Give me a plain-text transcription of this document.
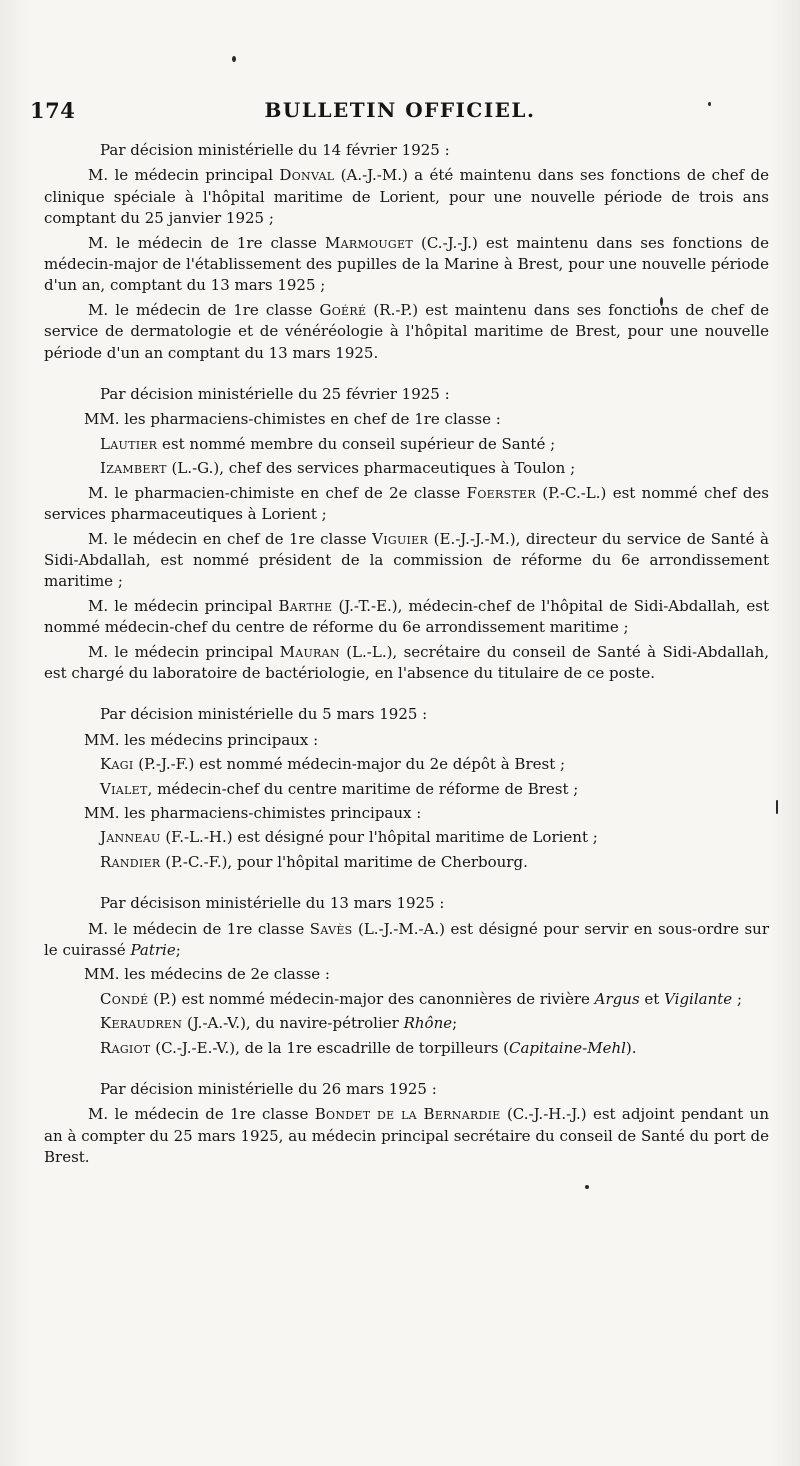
174	BULLETIN OFFICIEL.

Par décision ministérielle du 14 février 1925 :

M. le médecin principal Donval (A.-J.-M.) a été maintenu dans ses fonctions de chef de clinique spéciale à l'hôpital maritime de Lorient, pour une nouvelle période de trois ans comptant du 25 janvier 1925 ;

M. le médecin de 1re classe Marmouget (C.-J.-J.) est maintenu dans ses fonctions de médecin-major de l'établissement des pupilles de la Marine à Brest, pour une nouvelle période d'un an, comptant du 13 mars 1925 ;

M. le médecin de 1re classe Goéré (R.-P.) est maintenu dans ses fonctions de chef de service de dermatologie et de vénéréologie à l'hôpital maritime de Brest, pour une nouvelle période d'un an comptant du 13 mars 1925.

Par décision ministérielle du 25 février 1925 :

MM. les pharmaciens-chimistes en chef de 1re classe :

Lautier est nommé membre du conseil supérieur de Santé ;

Izambert (L.-G.), chef des services pharmaceutiques à Toulon ;

M. le pharmacien-chimiste en chef de 2e classe Foerster (P.-C.-L.) est nommé chef des services pharmaceutiques à Lorient ;

M. le médecin en chef de 1re classe Viguier (E.-J.-J.-M.), directeur du service de Santé à Sidi-Abdallah, est nommé président de la commission de réforme du 6e arrondissement maritime ;

M. le médecin principal Barthe (J.-T.-E.), médecin-chef de l'hôpital de Sidi-Abdallah, est nommé médecin-chef du centre de réforme du 6e arrondissement maritime ;

M. le médecin principal Mauran (L.-L.), secrétaire du conseil de Santé à Sidi-Abdallah, est chargé du laboratoire de bactériologie, en l'absence du titulaire de ce poste.

Par décision ministérielle du 5 mars 1925 :

MM. les médecins principaux :

Kagi (P.-J.-F.) est nommé médecin-major du 2e dépôt à Brest ;

Vialet, médecin-chef du centre maritime de réforme de Brest ;

MM. les pharmaciens-chimistes principaux :

Janneau (F.-L.-H.) est désigné pour l'hôpital maritime de Lorient ;

Randier (P.-C.-F.), pour l'hôpital maritime de Cherbourg.

Par décisison ministérielle du 13 mars 1925 :

M. le médecin de 1re classe Savès (L.-J.-M.-A.) est désigné pour servir en sous-ordre sur le cuirassé Patrie;

MM. les médecins de 2e classe :

Condé (P.) est nommé médecin-major des canonnières de rivière Argus et Vigilante ;

Keraudren (J.-A.-V.), du navire-pétrolier Rhône;

Ragiot (C.-J.-E.-V.), de la 1re escadrille de torpilleurs (Capitaine-Mehl).

Par décision ministérielle du 26 mars 1925 :

M. le médecin de 1re classe Bondet de la Bernardie (C.-J.-H.-J.) est adjoint pendant un an à compter du 25 mars 1925, au médecin principal secrétaire du conseil de Santé du port de Brest.
